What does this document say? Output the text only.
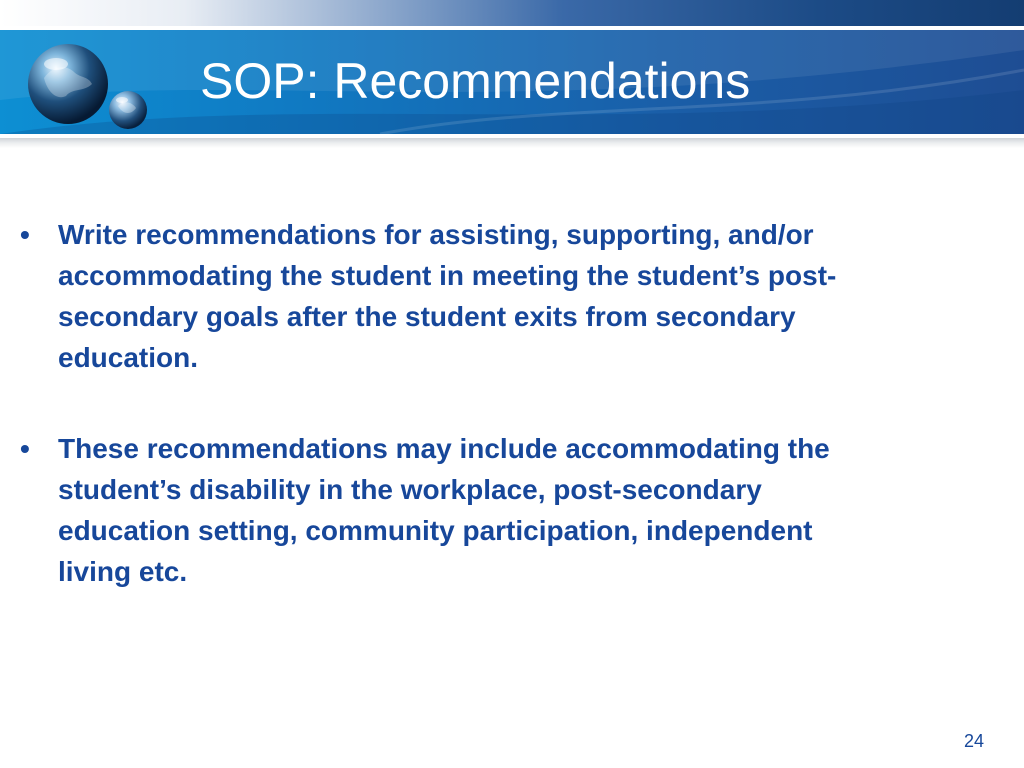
SOP: Recommendations
• Write recommendations for assisting, supporting, and/or accommodating the student in meeting the student’s post-secondary goals after the student exits from secondary education.
• These recommendations may include accommodating the student’s disability in the workplace, post-secondary education setting, community participation, independent living etc.
24
